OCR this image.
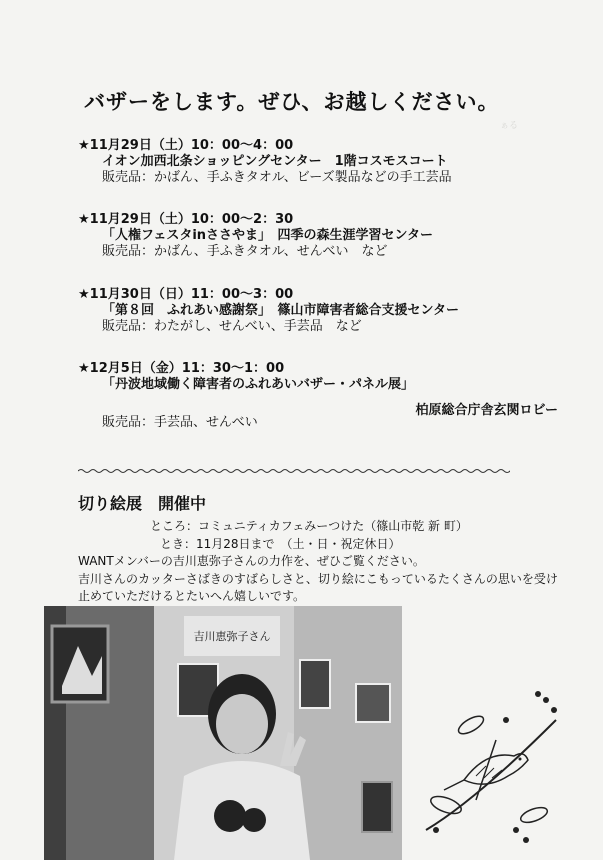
ぁる
バザーをします。ぜひ、お越しください。
★11月29日（土）10：00～4：00
イオン加西北条ショッピングセンター　1階コスモスコート
販売品：かばん、手ふきタオル、ビーズ製品などの手工芸品
★11月29日（土）10：00～2：30
「人権フェスタinささやま」　四季の森生涯学習センター
販売品：かばん、手ふきタオル、せんべい　など
★11月30日（日）11：00～3：00
「第８回　ふれあい感謝祭」　篠山市障害者総合支援センター
販売品：わたがし、せんべい、手芸品　など
★12月5日（金）11：30～1：00
「丹波地域働く障害者のふれあいバザー・パネル展」
柏原総合庁舎玄関ロビー
販売品：手芸品、せんべい
切り絵展　開催中
ところ：コミュニティカフェみーつけた（篠山市乾 新 町）
とき：11月28日まで　（土・日・祝定休日）
WANTメンバーの吉川恵弥子さんの力作を、ぜひご覧ください。
吉川さんのカッターさばきのすばらしさと、切り絵にこもっているたくさんの思いを受け
止めていただけるとたいへん嬉しいです。
吉川恵弥子さん
